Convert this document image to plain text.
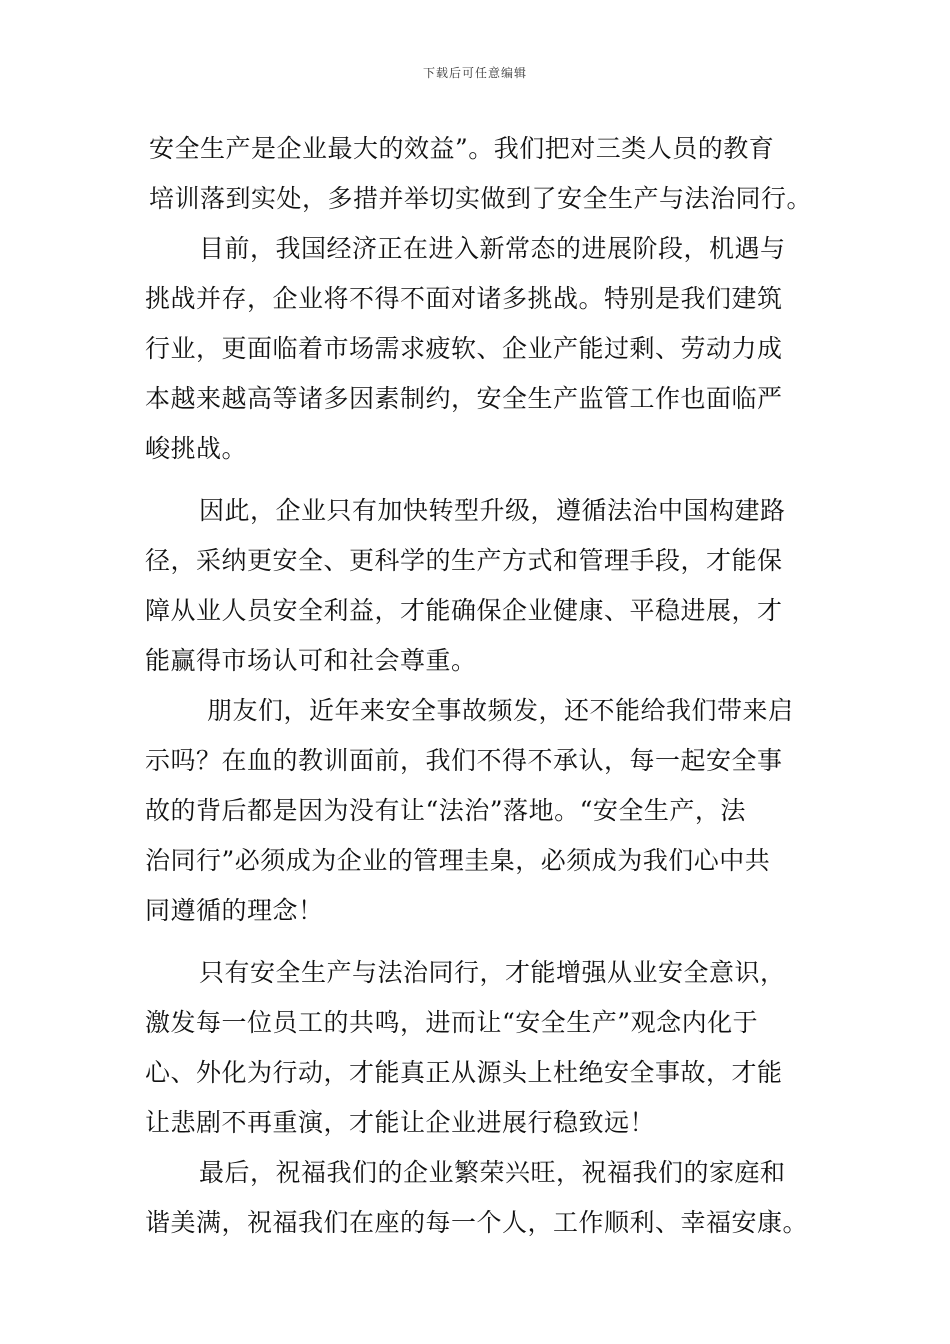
下载后可任意编辑
安全生产是企业最大的效益”。我们把对三类人员的教育
培训落到实处，多措并举切实做到了安全生产与法治同行。
目前，我国经济正在进入新常态的进展阶段，机遇与
挑战并存，企业将不得不面对诸多挑战。特别是我们建筑
行业，更面临着市场需求疲软、企业产能过剩、劳动力成
本越来越高等诸多因素制约，安全生产监管工作也面临严
峻挑战。
因此，企业只有加快转型升级，遵循法治中国构建路
径，采纳更安全、更科学的生产方式和管理手段，才能保
障从业人员安全利益，才能确保企业健康、平稳进展，才
能赢得市场认可和社会尊重。
朋友们，近年来安全事故频发，还不能给我们带来启
示吗？在血的教训面前，我们不得不承认，每一起安全事
故的背后都是因为没有让“法治”落地。“安全生产，法
治同行”必须成为企业的管理圭臬，必须成为我们心中共
同遵循的理念！
只有安全生产与法治同行，才能增强从业安全意识，
激发每一位员工的共鸣，进而让“安全生产”观念内化于
心、外化为行动，才能真正从源头上杜绝安全事故，才能
让悲剧不再重演，才能让企业进展行稳致远！
最后，祝福我们的企业繁荣兴旺，祝福我们的家庭和
谐美满，祝福我们在座的每一个人，工作顺利、幸福安康。
